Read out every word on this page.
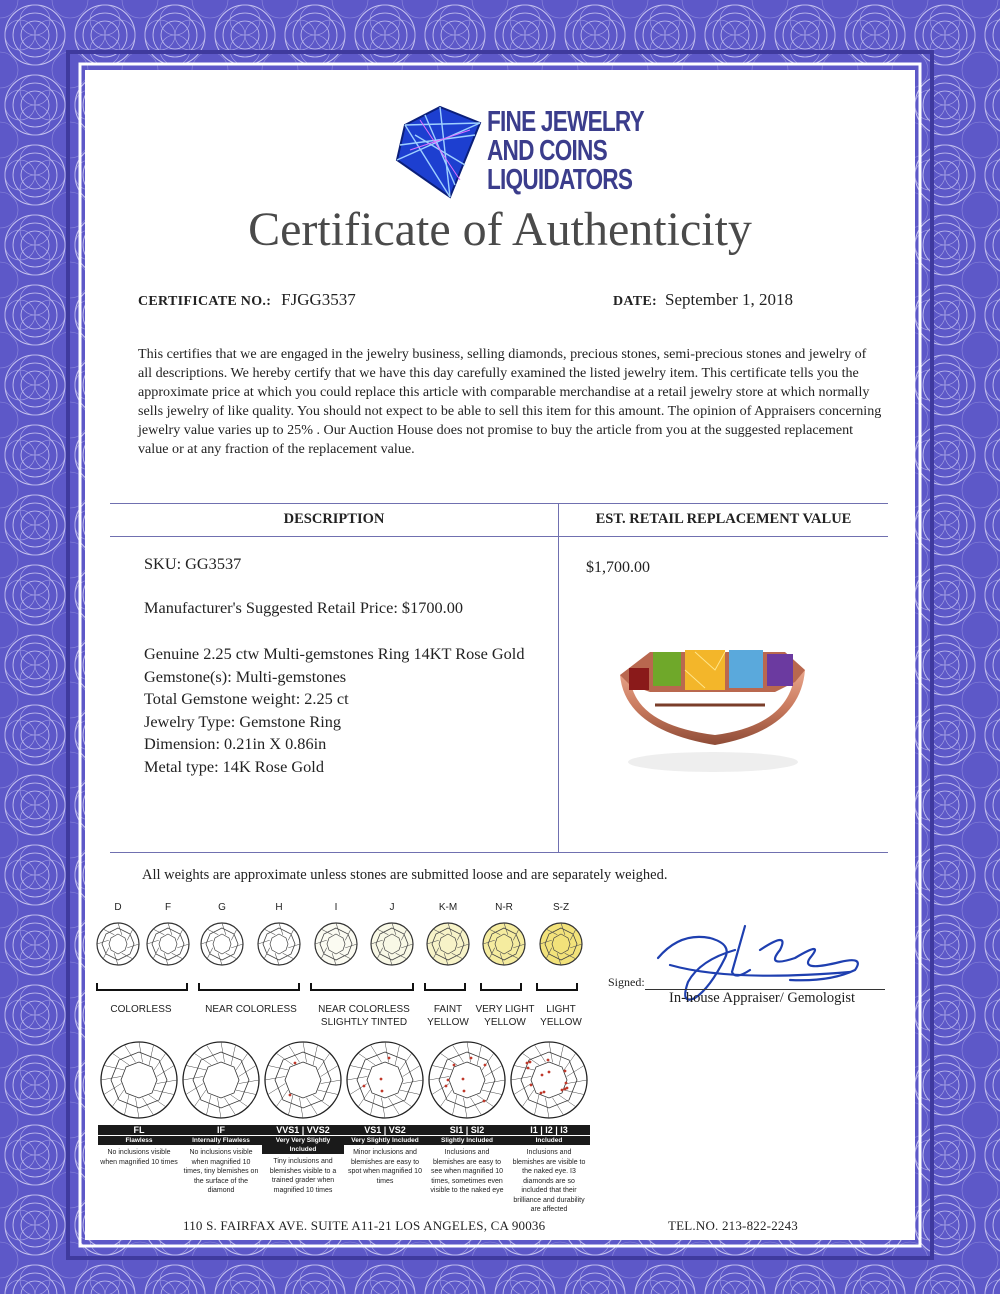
FINE JEWELRY
AND COINS
LIQUIDATORS
Certificate of Authenticity
CERTIFICATE NO.: FJGG3537	DATE: September 1, 2018
This certifies that we are engaged in the jewelry business, selling diamonds, precious stones, semi-precious stones and jewelry of all descriptions. We hereby certify that we have this day carefully examined the listed jewelry item. This certificate tells you the approximate price at which you could replace this article with comparable merchandise at a retail jewelry store at which normally sells jewelry of like quality. You should not expect to be able to sell this item for this amount. The opinion of Appraisers concerning jewelry value varies up to 25% . Our Auction House does not promise to buy the article from you at the suggested replacement value or at any fraction of the replacement value.
DESCRIPTION	EST. RETAIL REPLACEMENT VALUE
SKU: GG3537
Manufacturer's Suggested Retail Price: $1700.00
Genuine 2.25 ctw Multi-gemstones Ring 14KT Rose Gold
Gemstone(s): Multi-gemstones
Total Gemstone weight: 2.25 ct
Jewelry Type: Gemstone Ring
Dimension: 0.21in X 0.86in
Metal type: 14K Rose Gold
$1,700.00
All weights are approximate unless stones are submitted loose and are separately weighed.
D	F	G	H	I	J	K-M	N-R	S-Z
COLORLESS	NEAR COLORLESS	NEAR COLORLESS
SLIGHTLY TINTED
FAINT
YELLOW
VERY LIGHT
YELLOW
LIGHT
YELLOW
FL
Flawless
No inclusions visible when magnified 10 times
IF
Internally Flawless
No inclusions visible when magnified 10 times, tiny blemishes on the surface of the diamond
VVS1 | VVS2
Very Very Slightly Included
Tiny inclusions and blemishes visible to a trained grader when magnified 10 times
VS1 | VS2
Very Slightly Included
Minor inclusions and blemishes are easy to spot when magnified 10 times
SI1 | SI2
Slightly Included
Inclusions and blemishes are easy to see when magnified 10 times, sometimes even visible to the naked eye
I1 | I2 | I3
Included
Inclusions and blemishes are visible to the naked eye. I3 diamonds are so included that their brilliance and durability are affected
Signed:
In-house Appraiser/ Gemologist
110 S. FAIRFAX AVE. SUITE A11-21 LOS ANGELES, CA 90036	TEL.NO. 213-822-2243
